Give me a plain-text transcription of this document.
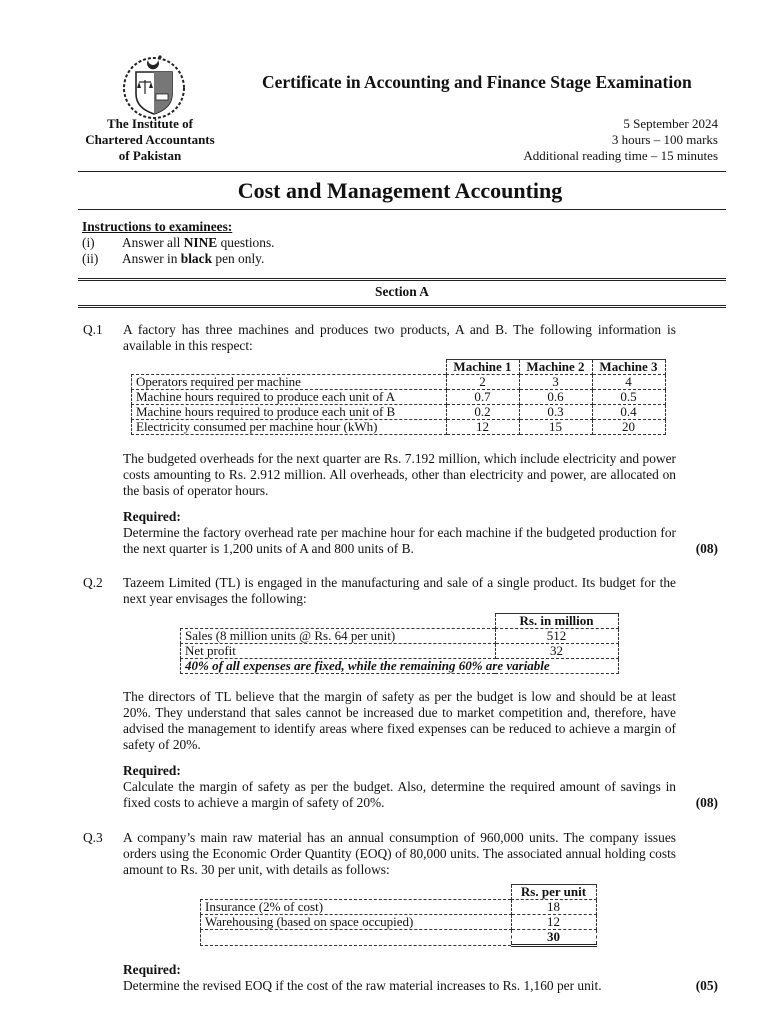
The Institute of
Chartered Accountants
of Pakistan
Certificate in Accounting and Finance Stage Examination
5 September 2024
3 hours – 100 marks
Additional reading time – 15 minutes
Cost and Management Accounting
Instructions to examinees:
(i) Answer all NINE questions.
(ii) Answer in black pen only.
Section A
Q.1 A factory has three machines and produces two products, A and B. The following information is available in this respect:
	Machine 1	Machine 2	Machine 3
Operators required per machine	2	3	4
Machine hours required to produce each unit of A	0.7	0.6	0.5
Machine hours required to produce each unit of B	0.2	0.3	0.4
Electricity consumed per machine hour (kWh)	12	15	20
The budgeted overheads for the next quarter are Rs. 7.192 million, which include electricity and power costs amounting to Rs. 2.912 million. All overheads, other than electricity and power, are allocated on the basis of operator hours.
Required:
Determine the factory overhead rate per machine hour for each machine if the budgeted production for the next quarter is 1,200 units of A and 800 units of B.	(08)
Q.2 Tazeem Limited (TL) is engaged in the manufacturing and sale of a single product. Its budget for the next year envisages the following:
	Rs. in million
Sales (8 million units @ Rs. 64 per unit)	512
Net profit	32
40% of all expenses are fixed, while the remaining 60% are variable	
The directors of TL believe that the margin of safety as per the budget is low and should be at least 20%. They understand that sales cannot be increased due to market competition and, therefore, have advised the management to identify areas where fixed expenses can be reduced to achieve a margin of safety of 20%.
Required:
Calculate the margin of safety as per the budget. Also, determine the required amount of savings in fixed costs to achieve a margin of safety of 20%.	(08)
Q.3 A company’s main raw material has an annual consumption of 960,000 units. The company issues orders using the Economic Order Quantity (EOQ) of 80,000 units. The associated annual holding costs amount to Rs. 30 per unit, with details as follows:
	Rs. per unit
Insurance (2% of cost)	18
Warehousing (based on space occupied)	12
	30
Required:
Determine the revised EOQ if the cost of the raw material increases to Rs. 1,160 per unit.	(05)
